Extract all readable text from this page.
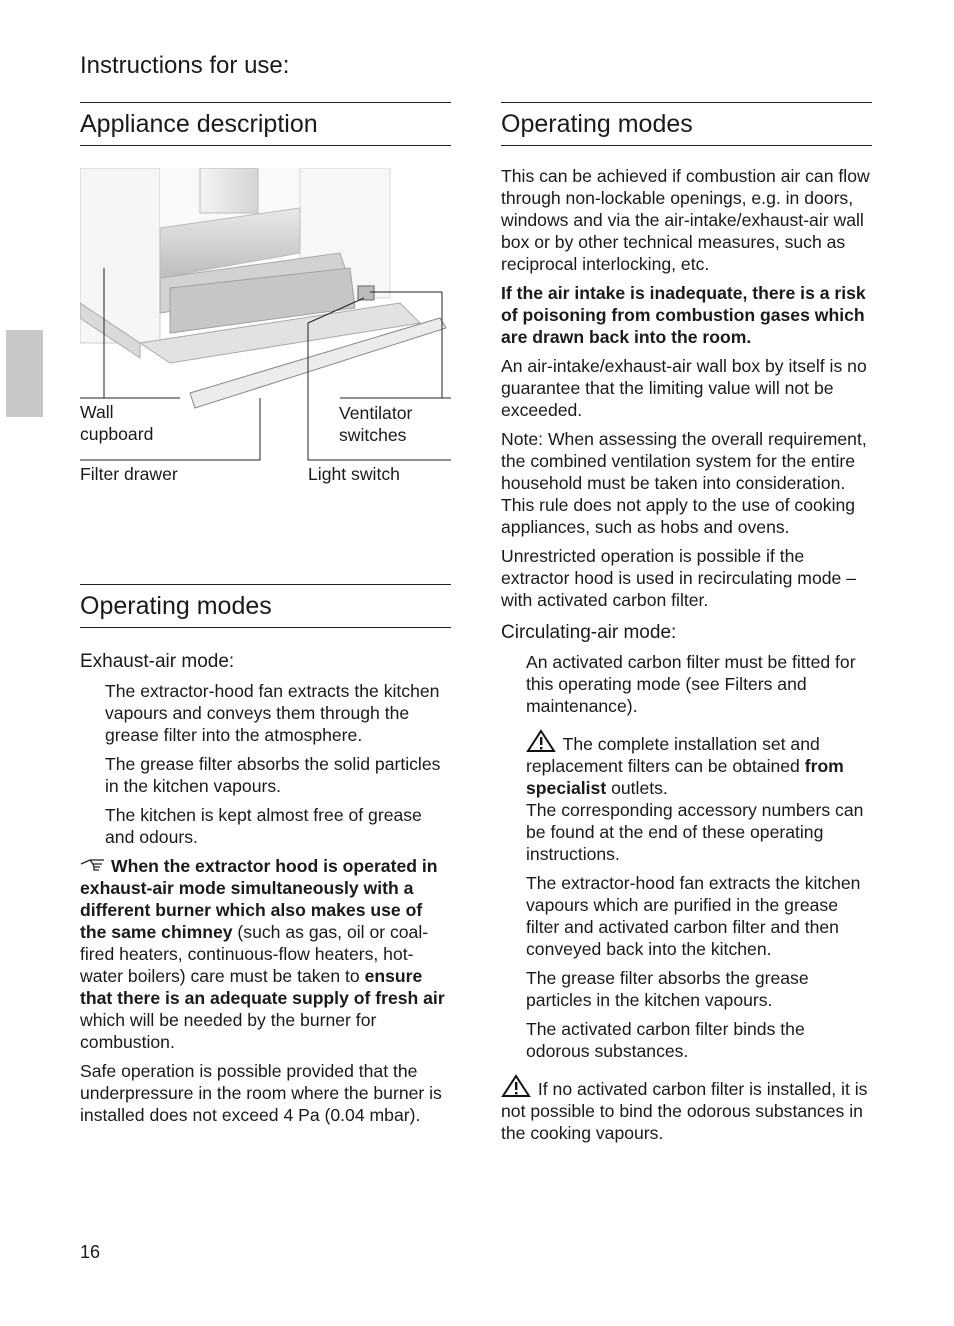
Instructions for use:
Appliance description
Wall
cupboard
Ventilator
switches
Filter drawer	Light switch
Operating modes
Exhaust-air mode:

The extractor-hood fan extracts the kitchen vapours and conveys them through the grease filter into the atmosphere.

The grease filter absorbs the solid particles in the kitchen vapours.

The kitchen is kept almost free of grease and odours.

When the extractor hood is operated in exhaust-air mode simultaneously with a different burner which also makes use of the same chimney (such as gas, oil or coal-fired heaters, continuous-flow heaters, hot-water boilers) care must be taken to ensure that there is an adequate supply of fresh air which will be needed by the burner for combustion.

Safe operation is possible provided that the underpressure in the room where the burner is installed does not exceed 4 Pa (0.04 mbar).

Operating modes

This can be achieved if combustion air can flow through non-lockable openings, e.g. in doors, windows and via the air-intake/exhaust-air wall box or by other technical measures, such as reciprocal interlocking, etc.

If the air intake is inadequate, there is a risk of poisoning from combustion gases which are drawn back into the room.

An air-intake/exhaust-air wall box by itself is no guarantee that the limiting value will not be exceeded.

Note: When assessing the overall requirement, the combined ventilation system for the entire household must be taken into consideration. This rule does not apply to the use of cooking appliances, such as hobs and ovens.

Unrestricted operation is possible if the extractor hood is used in recirculating mode – with activated carbon filter.

Circulating-air mode:

An activated carbon filter must be fitted for this operating mode (see Filters and maintenance).

The complete installation set and replacement filters can be obtained from specialist outlets.
The corresponding accessory numbers can be found at the end of these operating instructions.

The extractor-hood fan extracts the kitchen vapours which are purified in the grease filter and activated carbon filter and then conveyed back into the kitchen.

The grease filter absorbs the grease particles in the kitchen vapours.

The activated carbon filter binds the odorous substances.

If no activated carbon filter is installed, it is not possible to bind the odorous substances in the cooking vapours.

16
